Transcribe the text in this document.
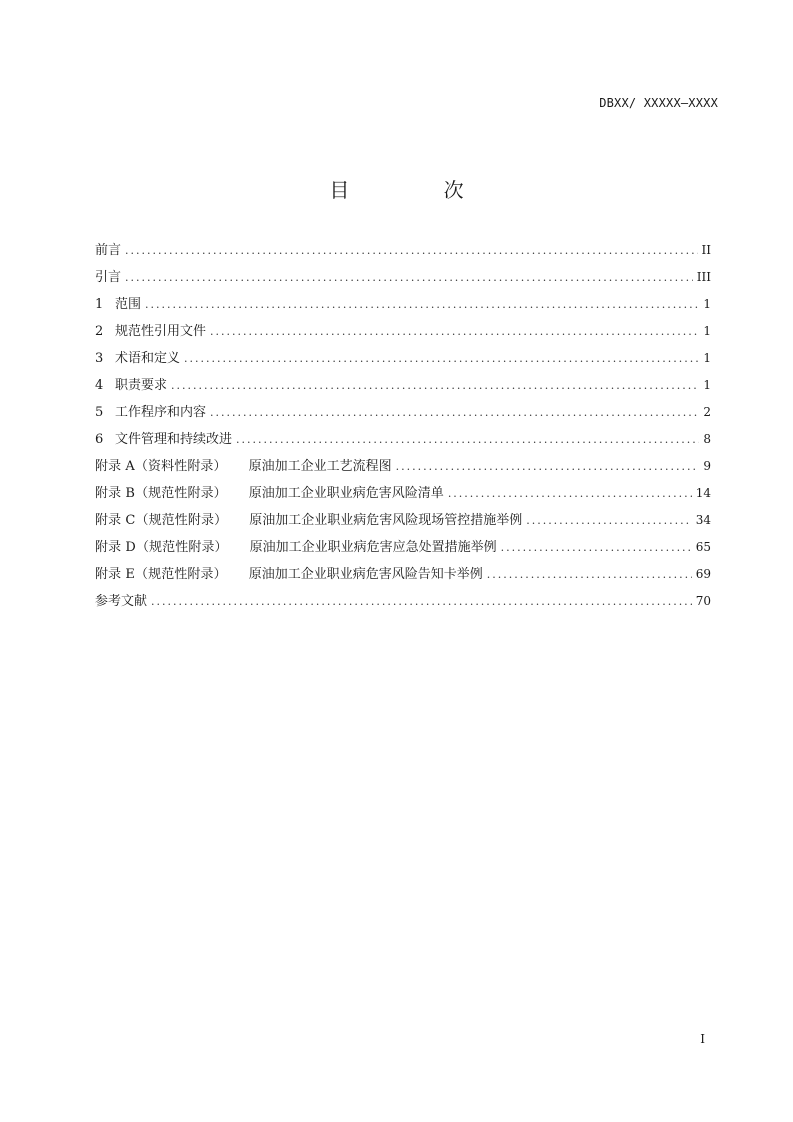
DBXX/ XXXXX—XXXX
目 次
前言 .....	II
引言 .....	III
1 范围 .....	1
2 规范性引用文件 .....	1
3 术语和定义 .....	1
4 职责要求 .....	1
5 工作程序和内容 .....	2
6 文件管理和持续改进 .....	8
附录 A（资料性附录） 原油加工企业工艺流程图 .....	9
附录 B（规范性附录） 原油加工企业职业病危害风险清单 .....	14
附录 C（规范性附录） 原油加工企业职业病危害风险现场管控措施举例 .....	34
附录 D（规范性附录） 原油加工企业职业病危害应急处置措施举例 .....	65
附录 E（规范性附录） 原油加工企业职业病危害风险告知卡举例 .....	69
参考文献 .....	70
I
